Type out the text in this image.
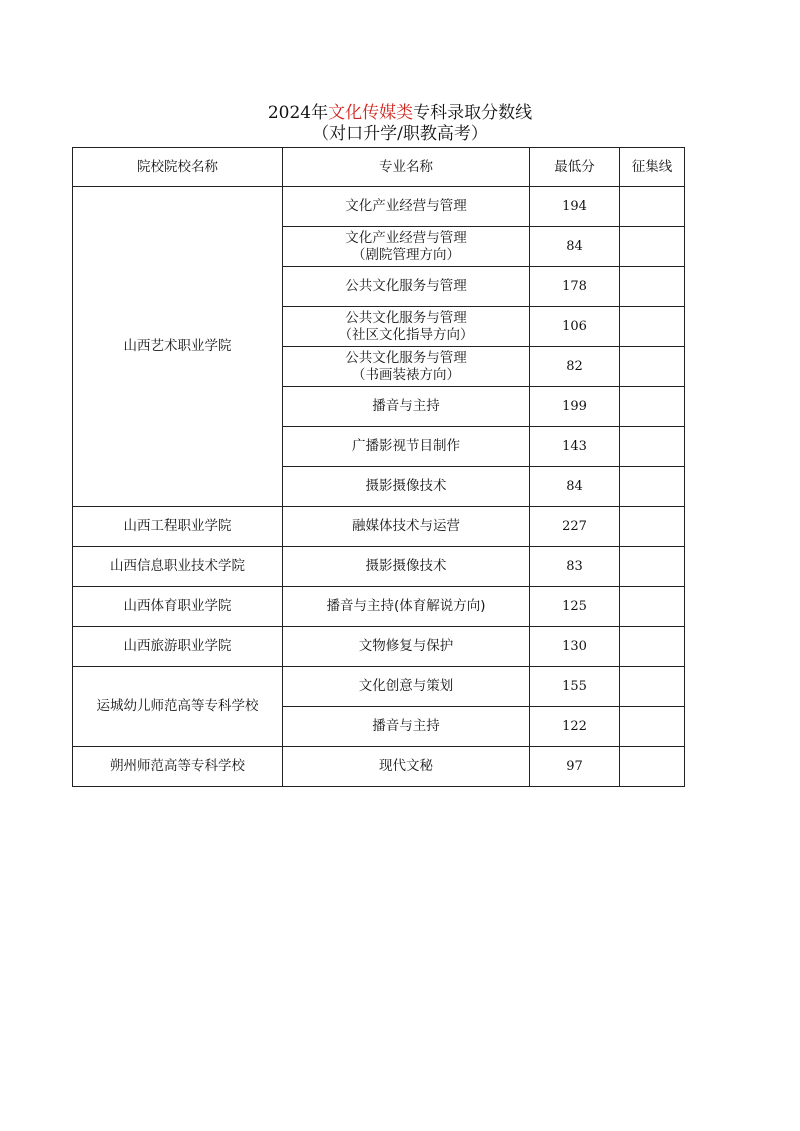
2024年文化传媒类专科录取分数线
（对口升学/职教高考）
院校院校名称	专业名称	最低分	征集线
山西艺术职业学院	文化产业经营与管理	194	

	文化产业经营与管理
（剧院管理方向）	84	

	公共文化服务与管理	178	

	公共文化服务与管理
（社区文化指导方向）	106	

	公共文化服务与管理
（书画装裱方向）	82	

	播音与主持	199	

	广播影视节目制作	143	

	摄影摄像技术	84	
山西工程职业学院	融媒体技术与运营	227	
山西信息职业技术学院	摄影摄像技术	83	
山西体育职业学院	播音与主持(体育解说方向)	125	
山西旅游职业学院	文物修复与保护	130	
运城幼儿师范高等专科学校	文化创意与策划	155	

	播音与主持	122	
朔州师范高等专科学校	现代文秘	97	
